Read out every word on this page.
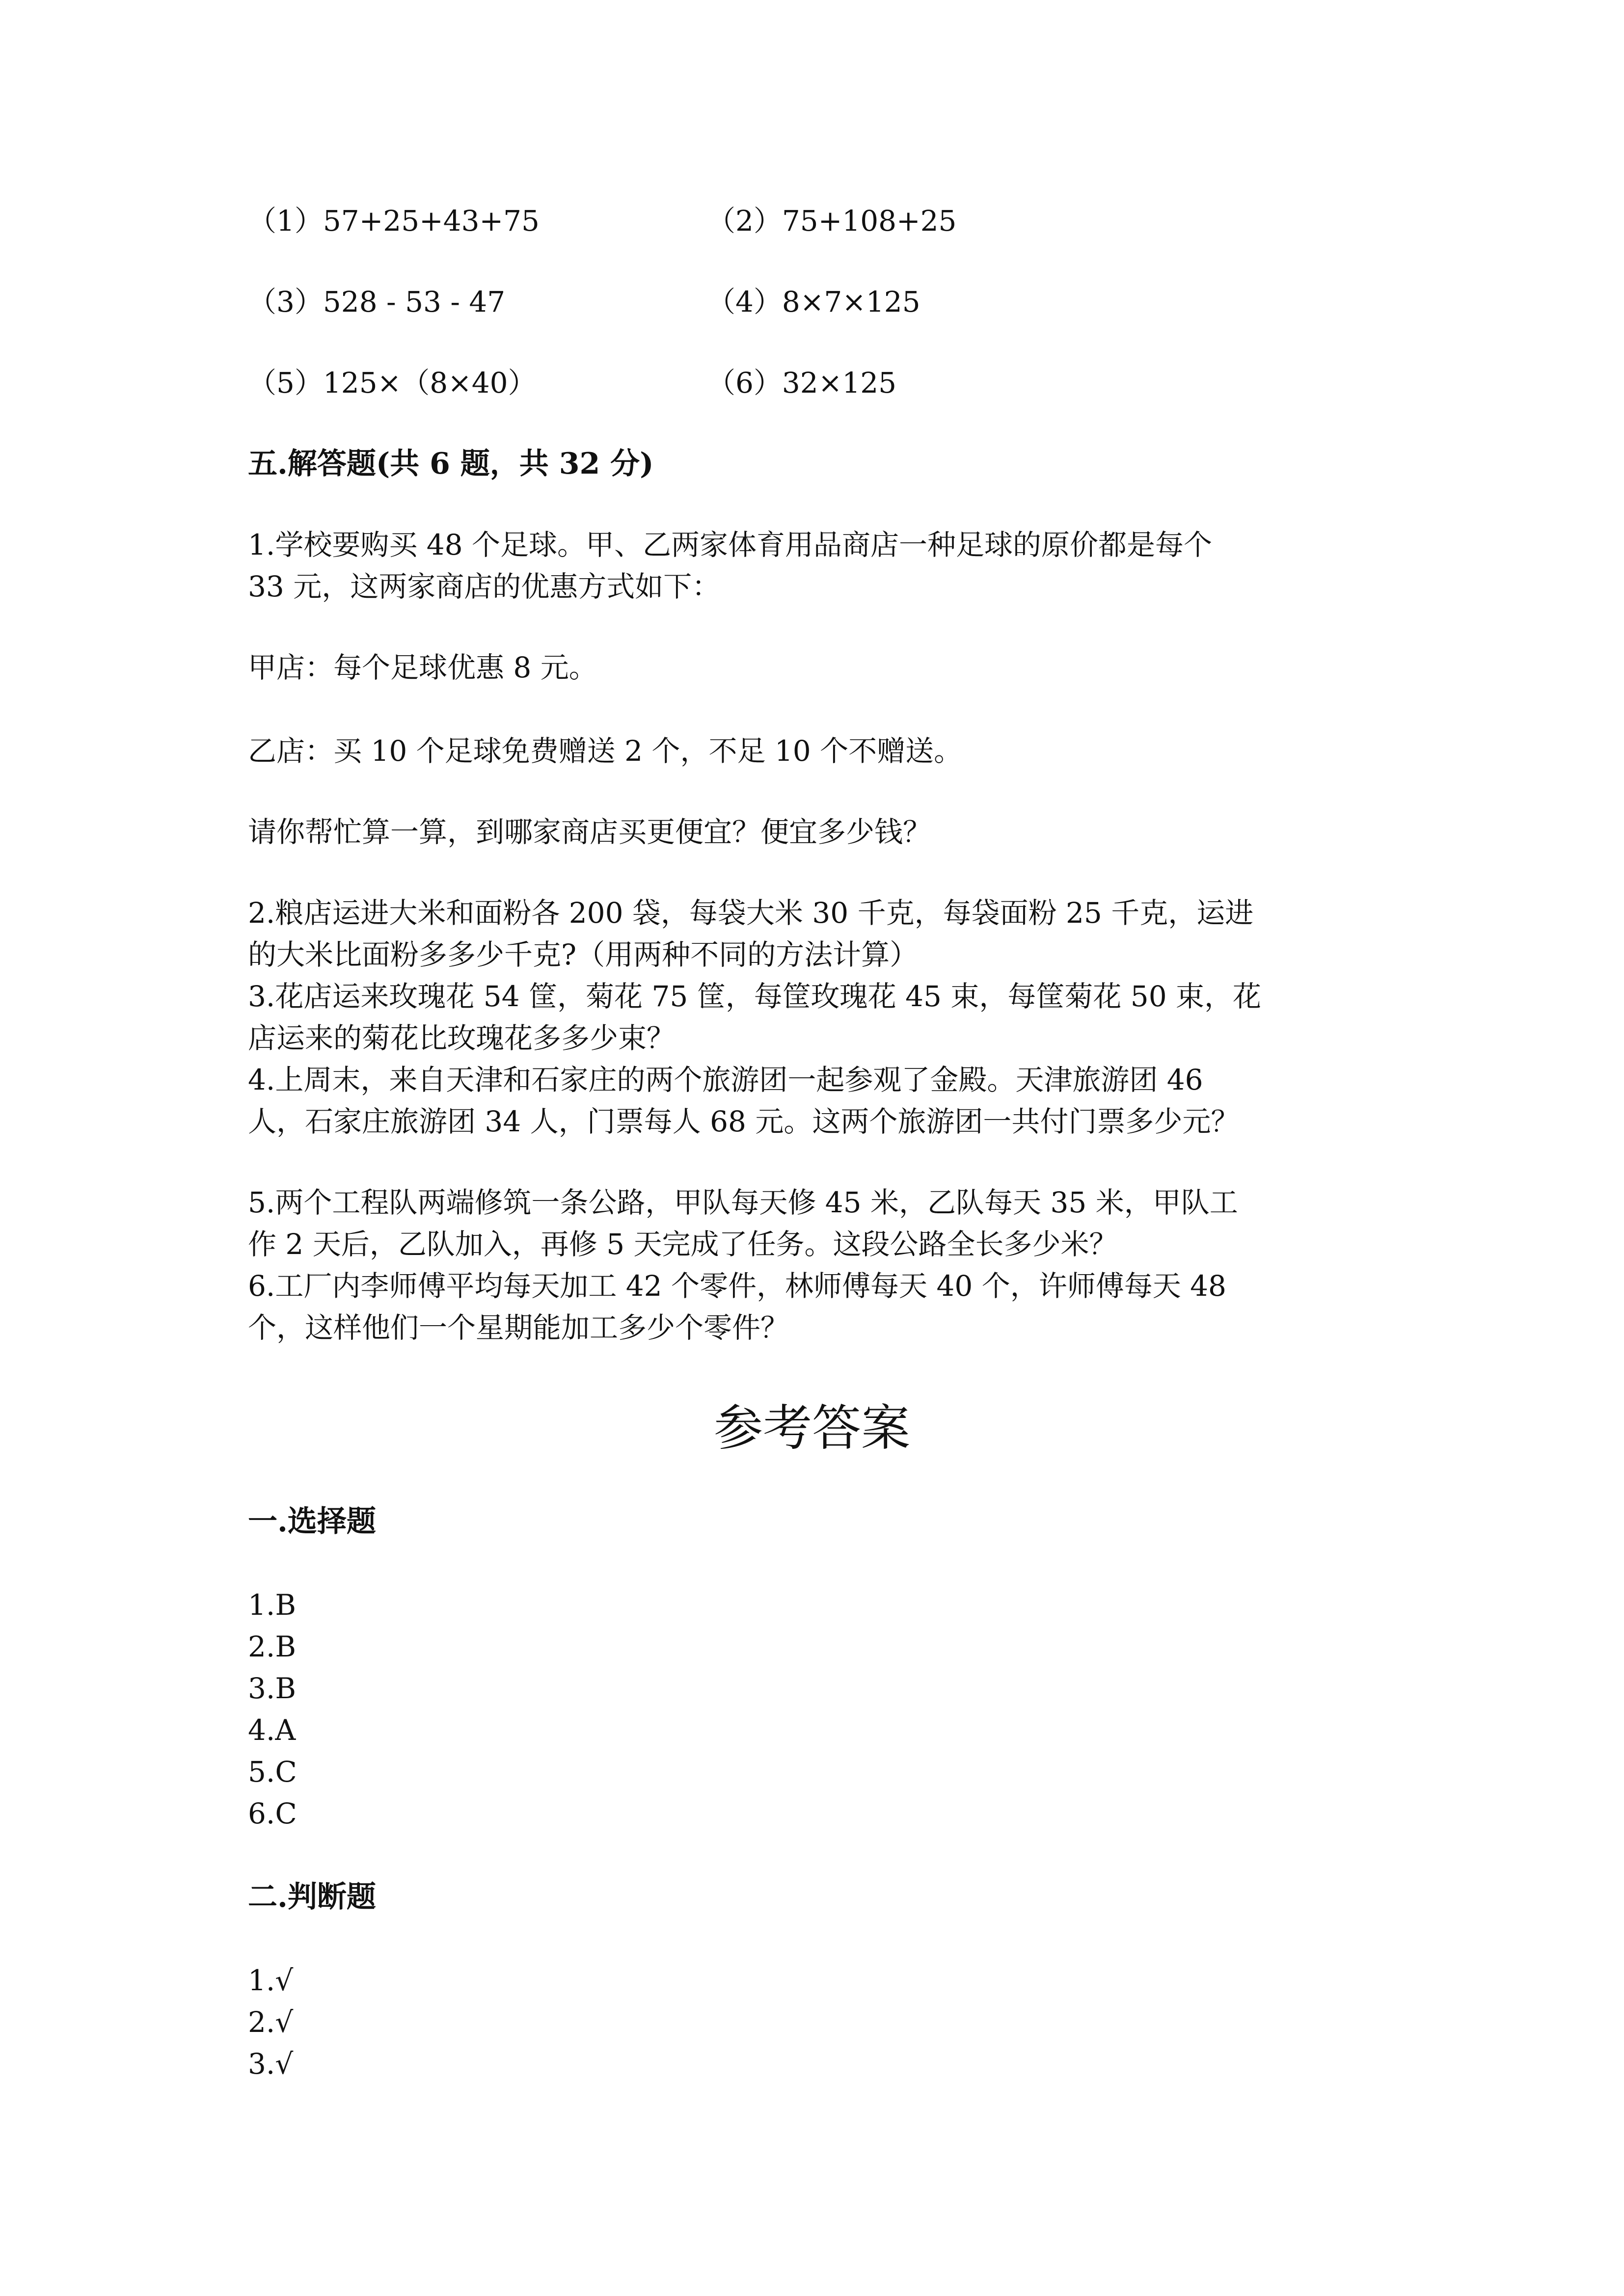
（1）57+25+43+75	（2）75+108+25
（3）528 - 53 - 47	（4）8×7×125
（5）125×（8×40）	（6）32×125
五.解答题(共 6 题，共 32 分)
1.学校要购买 48 个足球。甲、乙两家体育用品商店一种足球的原价都是每个
33 元，这两家商店的优惠方式如下：
甲店：每个足球优惠 8 元。
乙店：买 10 个足球免费赠送 2 个，不足 10 个不赠送。
请你帮忙算一算，到哪家商店买更便宜？便宜多少钱？
2.粮店运进大米和面粉各 200 袋，每袋大米 30 千克，每袋面粉 25 千克，运进
的大米比面粉多多少千克?（用两种不同的方法计算）
3.花店运来玫瑰花 54 筐，菊花 75 筐，每筐玫瑰花 45 束，每筐菊花 50 束，花
店运来的菊花比玫瑰花多多少束？
4.上周末，来自天津和石家庄的两个旅游团一起参观了金殿。天津旅游团 46
人，石家庄旅游团 34 人，门票每人 68 元。这两个旅游团一共付门票多少元？
5.两个工程队两端修筑一条公路，甲队每天修 45 米，乙队每天 35 米，甲队工
作 2 天后，乙队加入，再修 5 天完成了任务。这段公路全长多少米？
6.工厂内李师傅平均每天加工 42 个零件，林师傅每天 40 个，许师傅每天 48
个，这样他们一个星期能加工多少个零件？
参考答案
一.选择题
1.B
2.B
3.B
4.A
5.C
6.C
二.判断题
1.√
2.√
3.√
